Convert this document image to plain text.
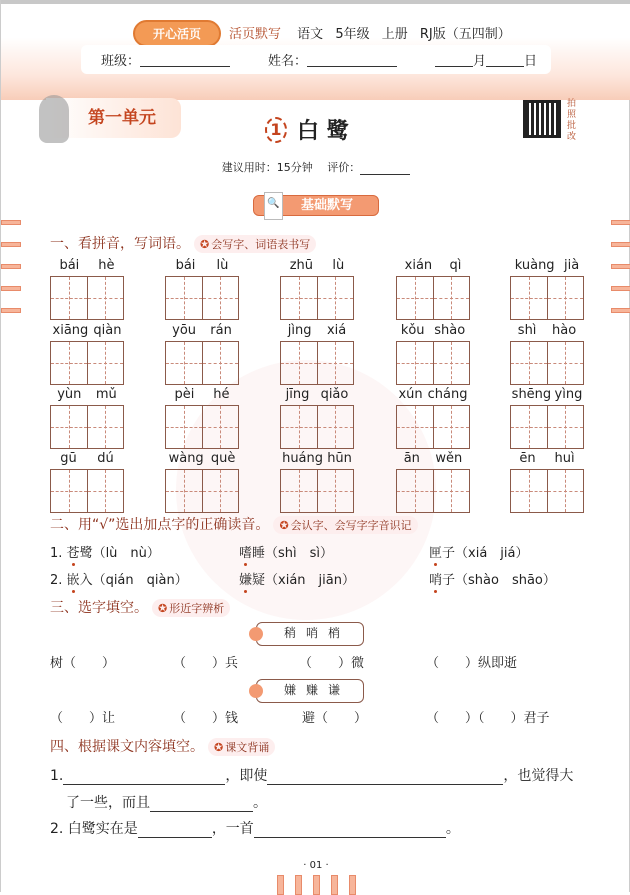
开心活页	活页默写 语文 5年级 上册 RJ版（五四制）
班级：	姓名：	月	日
第一单元
1 白 鹭
拍照批改
建议用时：15分钟　 评价：
🔍 基础默写
一、看拼音，写词语。 ✪ 会写字、词语表书写
bái hè	bái lù	zhū lù	xián qì	kuàng jià
xiāng qiàn	yōu rán	jìng xiá	kǒu shào	shì hào
yùn mǔ	pèi hé	jīng qiǎo	xún cháng	shēng yìng
gū dú	wàng què	huáng hūn	ān wěn	ēn huì
二、用“√”选出加点字的正确读音。 ✪ 会认字、会写字字音识记
1. 苍鹭（lù　nù）	嗜睡（shì　sì）	匣子（xiá　jiá）
2. 嵌入（qián　qiàn）	嫌疑（xián　jiān）	哨子（shào　shāo）
三、选字填空。 ✪ 形近字辨析
稍哨梢
嫌赚谦
树（　　）	（　　）兵	（　　）微	（　　）纵即逝
（　　）让	（　　）钱	避（　　）	（　　）（　　）君子
四、根据课文内容填空。 ✪ 课文背诵
1.	，即使	，也觉得大
了一些，而且	。
2. 白鹭实在是	，一首	。
· 01 ·
